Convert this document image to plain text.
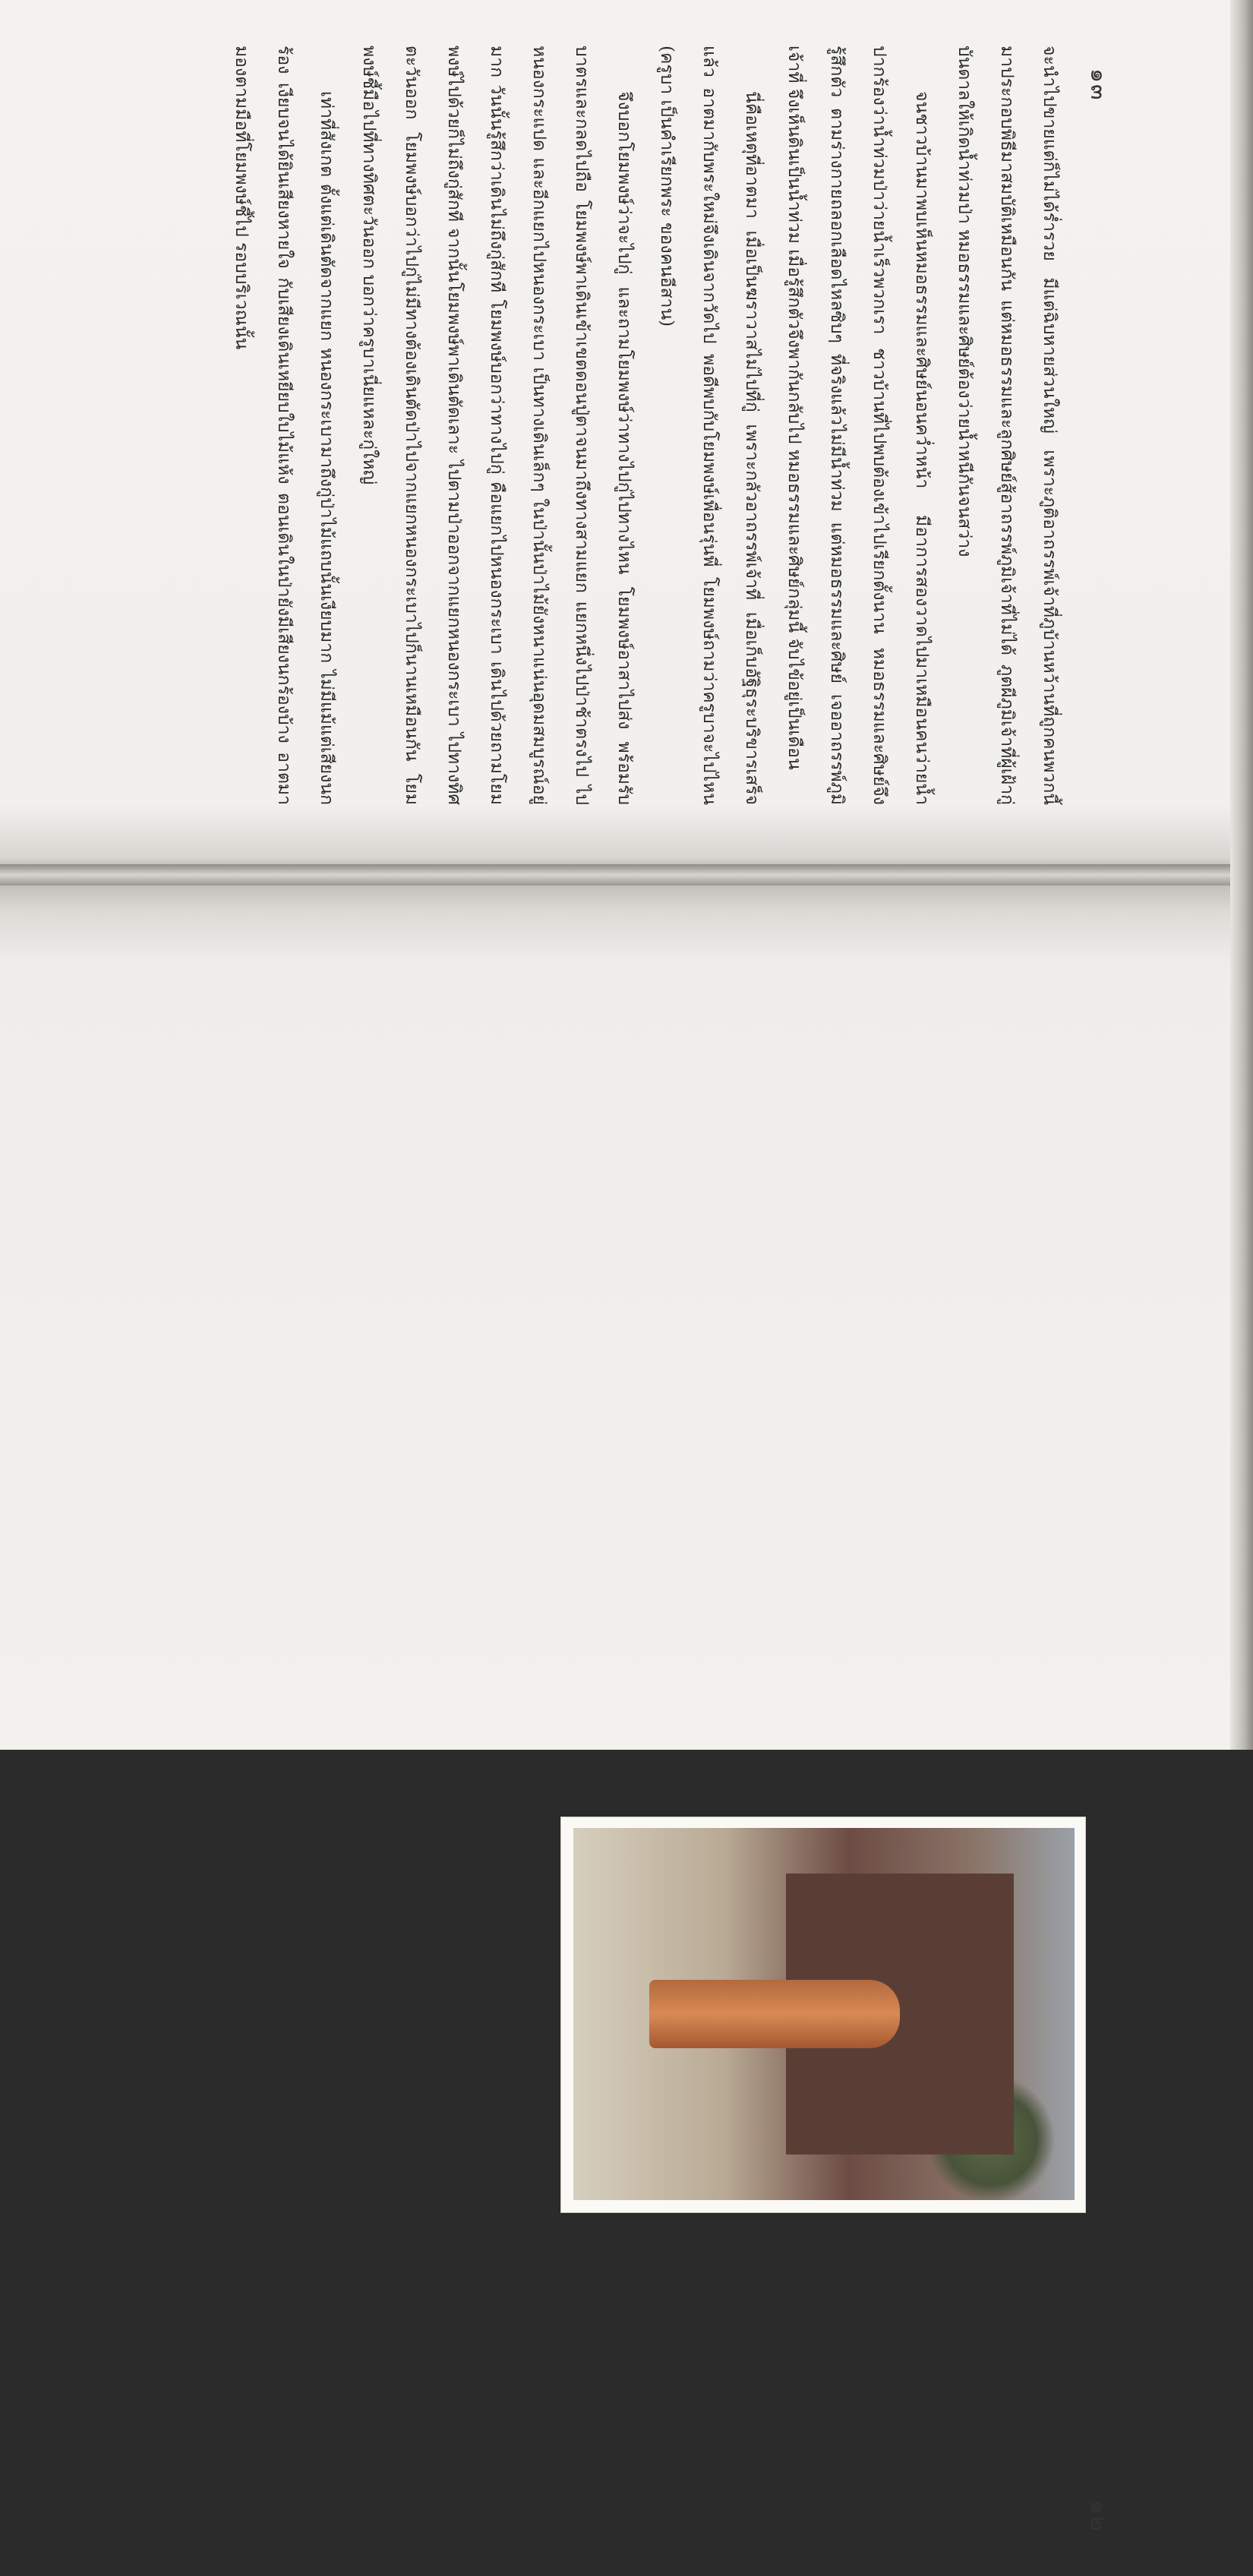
๑๓

จะนำไปขายแต่ก็ไม่ได้ร่ำรวย มีแต่ฉิบหายส่วนใหญ่ เพราะภูติอาถรรพ์เจ้าที่ภูบ้านหว้านที่ถูกคนพวกนี้ มาประกอบพิธีมาสมบัติเหมือนกัน แต่หมอธรรมและลูกศิษย์สู้อาถรรพ์ภูมิเจ้าที่ไม่ได้ ภูตผีภูมิเจ้าที่ผู้เฝ้ากู่บันดาลให้เกิดน้ำท่วมป่า หมอธรรมและศิษย์ต้องว่ายน้ำหนีกันจนสว่าง

จนชาวบ้านมาพบเห็นหมอธรรมและศิษย์นอนคว่ำหน้า มีอาการสองวาดไปมาเหมือนคนว่ายน้ำ ปากร้องว่าน้ำท่วมป่าว่ายน้ำเร็วพวกเรา ชาวบ้านที่ไปพบต้องเข้าไปเรียกตั้งนาน หมอธรรมและศิษย์จึงรู้สึกตัว ตามร่างกายถลอกเลือดไหลซิบๆ ที่จริงแล้วไม่มีน้ำท่วม แต่หมอธรรมและศิษย์ เจออาถรรพ์ภูมิเจ้าที่ จึงเห็นดินเป็นน้ำท่วม เมื่อรู้สึกตัวจึงพากันกลับไป หมอธรรมและศิษย์กลุ่มนี้ จับไข้อยู่เป็นเดือน

นี่คือเหตุที่อาตมา เมื่อเป็นฆราวาสไม่ไปที่กู่ เพราะกลัวอาถรรพ์เจ้าที่ เมื่อเก็บอัฐิธุระบริขารเสร็จแล้ว อาตมากับพระใหม่จึงเดินจากวัดไป พอดีพบกับโยมพงษ์เพื่อนรุ่นพี่ โยมพงษ์ถามว่าครูบาจะไปไหน (ครูบา เป็นคำเรียกพระ ของคนอีสาน)

จึงบอกโยมพงษ์ว่าจะไปกู่ และถามโยมพงษ์ว่าทางไปกู่ไปทางไหน โยมพงษ์อาสาไปส่ง พร้อมรับบาตรและกลดไปถือ โยมพงษ์พาเดินเข้าเขตดอนปู่ตาจนมาถึงทางสามแยก แยกหนึ่งไปป่าช้าตรงไป ไปหนองกระแปด และอีกแยกไปหนองกระเบา เป็นทางเดินเล็กๆ ในป่านั้นป่าไม้ยังหนาแน่นอุดมสมบูรณ์อยู่มาก วันนั้นรู้สึกว่าเดินไม่ถึงกู่สักที โยมพงษ์บอกว่าทางไปกู่ คือแยกไปหนองกระเบา เดินไปด้วยถามโยมพงษ์ไปด้วยก็ไม่ถึงกู่สักที จากนั้นโยมพงษ์พาเดินตัดเลาะ ไปตามป่าออกจากแยกหนองกระเบา ไปทางทิศตะวันออก โยมพงษ์บอกว่าไปกู่ไม่มีทางต้องเดินตัดป่าไปจากแยกหนองกระเบาไปก็นานเหมือนกัน โยมพงษ์ชี้มือไปที่ทางทิศตะวันออก บอกว่าครูบาเนี่ยแหละกู่ใหญ่

เท่าที่สังเกต ตั้งแต่เดินตัดจากแยก หนองกระเบามาถึงกู่ป่าไม้แถบนั้นเงียบมาก ไม่มีแม้แต่เสียงนกร้อง เงียบจนได้ยินเสียงหายใจ กับเสียงเดินเหยียบใบไม้แห้ง ตอนเดินในป่ายังมีเสียงนกร้องบ้าง อาตมามองตามมือที่โยมพงษ์ชี้ไป รอบบริเวณนั้น

๑๒

ชาวบ้านเข้าไปหาเห็ดในป่าหลงทางมาที่กู่ พบงูใหญ่บ้างล่ะ พบชายแต่งกายเหมือนทหารสมัยโบราณสูงแปดศอก มือถือหอกดาบ เดินอยู่ที่กู่เมื่อชาวบ้านเดินตามไป ชายแต่งกายคล้ายทหารโบราณก็หายไปต่อหน้าต่อตา ชาวบ้านที่เห็นเหตุการณ์พากันวิ่งหนีไม่คิดชีวิต เพราะความกลัว บางคนมาหายของป่าที่กู่หาทางกลับบ้านไม่ถูก เดินวกไปวนมา ที่กู่ตั้งแต่เช้าจนค่ำ เมื่อพากันกราบไหว้ขอขมาเจ้าที่ จึงหา ทางกลับหมู่บ้านถูก อีกเรื่องมีหมอธรรมและศิษย์ (ธรรมคือผู้มีคาถาอาคม) เมื่อหมอธรรมประกอบพิธีแล้ว จะสามารถสื่อสารกับภูตผี ภูมิเจ้าที่ให้บอกที่ซ่อน ทรัพย์สมบัติที่ฝังไว้ เมื่อครั้งยังมีชีวิตอยู่ หากภูตผีภูมิเจ้าที่คนใดไม่บอก ก็จะใช้อาคมบังคับ ภูตผี ภูมิเจ้าที่ สู้อาคมของธรรมไม่ได้ ก็จะบอกที่ฝังทรัพย์สมบัติแก่ธรรม ธรรมและศิษย์ก็จะไปขุดเอาทรัพย์สมบัตินั้นตามที่ภูตผี ภูมิเจ้าที่บอก ส่วนมากก็ได้ทรัพย์สมบัตินั้นจริงๆ โบราณสถานต่างๆ ที่ถูกขุดจนได้รับความเสียหาย ส่วนมากก็มาจากคนพวกนี้ เมื่อได้ทรัพย์สมบัติ
